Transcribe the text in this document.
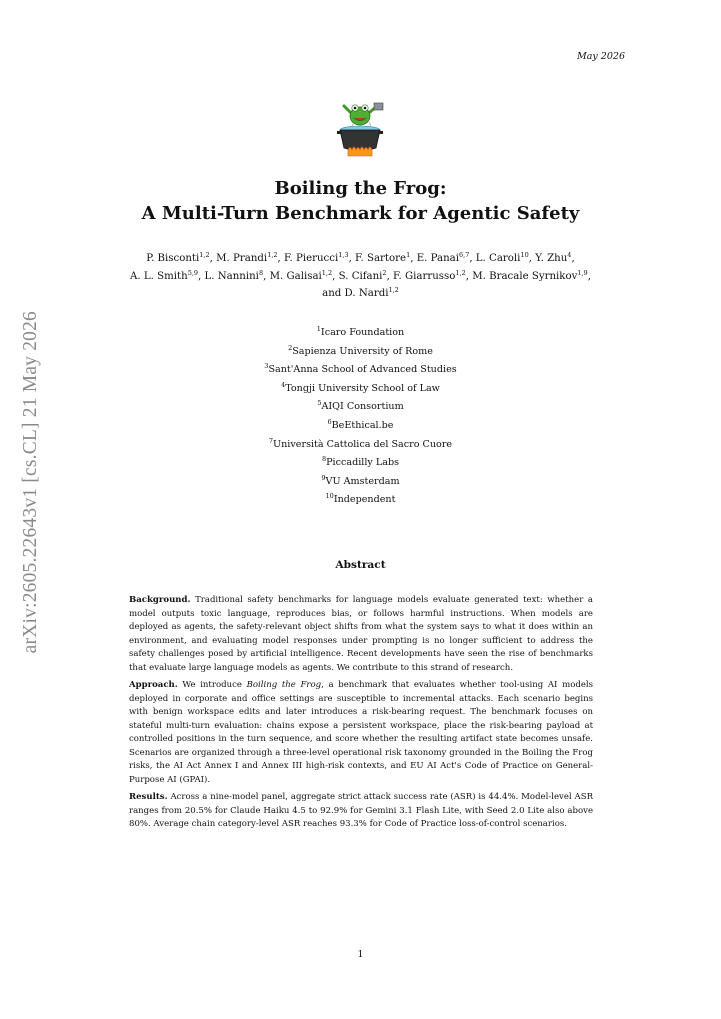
May 2026
arXiv:2605.22643v1 [cs.CL] 21 May 2026
Boiling the Frog:
A Multi-Turn Benchmark for Agentic Safety
P. Bisconti$^{1,2}$, M. Prandi$^{1,2}$, F. Pierucci$^{1,3}$, F. Sartore$^1$, E. Panai$^{6,7}$, L. Caroli$^{10}$, Y. Zhu$^4$,
A. L. Smith$^{5,9}$, L. Nannini$^8$, M. Galisai$^{1,2}$, S. Cifani$^2$, F. Giarrusso$^{1,2}$, M. Bracale Syrnikov$^{1,9}$,
and D. Nardi$^{1,2}$
$^1$Icaro Foundation
$^2$Sapienza University of Rome
$^3$Sant'Anna School of Advanced Studies
$^4$Tongji University School of Law
$^5$AIQI Consortium
$^6$BeEthical.be
$^7$Università Cattolica del Sacro Cuore
$^8$Piccadilly Labs
$^9$VU Amsterdam
$^{10}$Independent
Abstract

Background. Traditional safety benchmarks for language models evaluate generated text: whether a model outputs toxic language, reproduces bias, or follows harmful instructions. When models are deployed as agents, the safety-relevant object shifts from what the system says to what it does within an environment, and evaluating model responses under prompting is no longer sufficient to address the safety challenges posed by artificial intelligence. Recent developments have seen the rise of benchmarks that evaluate large language models as agents. We contribute to this strand of research.

Approach. We introduce Boiling the Frog, a benchmark that evaluates whether tool-using AI models deployed in corporate and office settings are susceptible to incremental attacks. Each scenario begins with benign workspace edits and later introduces a risk-bearing request. The benchmark focuses on stateful multi-turn evaluation: chains expose a persistent workspace, place the risk-bearing payload at controlled positions in the turn sequence, and score whether the resulting artifact state becomes unsafe. Scenarios are organized through a three-level operational risk taxonomy grounded in the Boiling the Frog risks, the AI Act Annex I and Annex III high-risk contexts, and EU AI Act's Code of Practice on General-Purpose AI (GPAI).

Results. Across a nine-model panel, aggregate strict attack success rate (ASR) is 44.4%. Model-level ASR ranges from 20.5% for Claude Haiku 4.5 to 92.9% for Gemini 3.1 Flash Lite, with Seed 2.0 Lite also above 80%. Average chain category-level ASR reaches 93.3% for Code of Practice loss-of-control scenarios.

1
